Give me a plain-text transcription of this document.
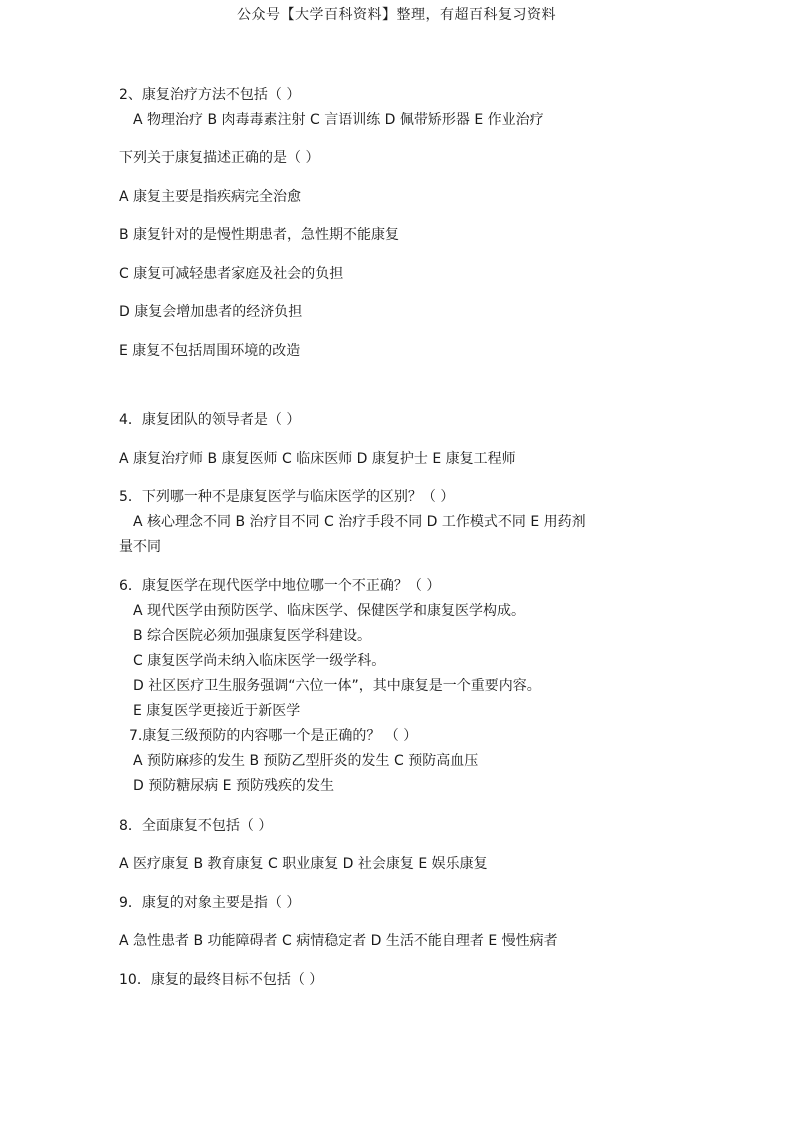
公众号【大学百科资料】整理，有超百科复习资料
2、康复治疗方法不包括（ ）
A 物理治疗 B 肉毒毒素注射 C 言语训练 D 佩带矫形器 E 作业治疗
下列关于康复描述正确的是（ ）
A 康复主要是指疾病完全治愈
B 康复针对的是慢性期患者，急性期不能康复
C 康复可减轻患者家庭及社会的负担
D 康复会增加患者的经济负担
E 康复不包括周围环境的改造
4．康复团队的领导者是（ ）
A 康复治疗师 B 康复医师 C 临床医师 D 康复护士 E 康复工程师
5．下列哪一种不是康复医学与临床医学的区别？（ ）
A 核心理念不同 B 治疗目不同 C 治疗手段不同 D 工作模式不同 E 用药剂
量不同
6．康复医学在现代医学中地位哪一个不正确？（ ）
A 现代医学由预防医学、临床医学、保健医学和康复医学构成。
B 综合医院必须加强康复医学科建设。
C 康复医学尚未纳入临床医学一级学科。
D 社区医疗卫生服务强调“六位一体”，其中康复是一个重要内容。
E 康复医学更接近于新医学
7.康复三级预防的内容哪一个是正确的？ （ ）
A 预防麻疹的发生 B 预防乙型肝炎的发生 C 预防高血压
D 预防糖尿病 E 预防残疾的发生
8．全面康复不包括（ ）
A 医疗康复 B 教育康复 C 职业康复 D 社会康复 E 娱乐康复
9．康复的对象主要是指（ ）
A 急性患者 B 功能障碍者 C 病情稳定者 D 生活不能自理者 E 慢性病者
10．康复的最终目标不包括（ ）
